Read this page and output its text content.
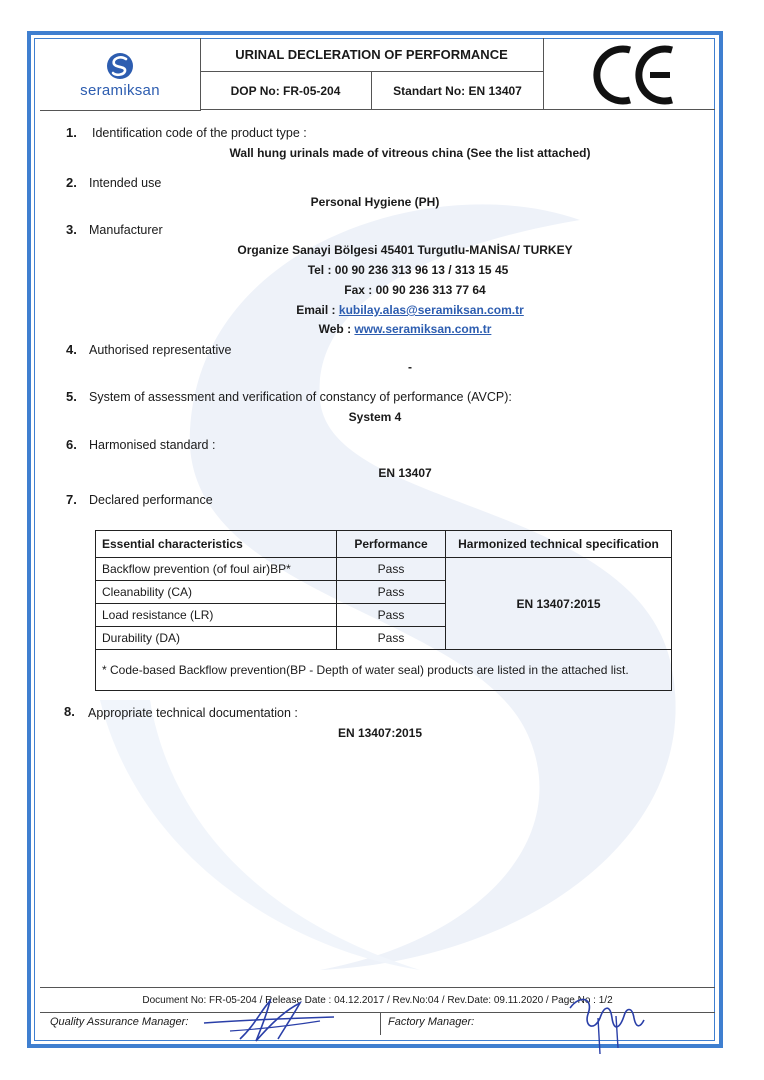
seramiksan
URINAL DECLERATION OF PERFORMANCE
DOP No: FR-05-204	Standart No: EN 13407
1. Identification code of the product type :
Wall hung urinals made of vitreous china (See the list attached)
2. Intended use
Personal Hygiene (PH)
3. Manufacturer
Organize Sanayi Bölgesi 45401 Turgutlu-MANİSA/ TURKEY
Tel : 00 90 236 313 96 13 / 313 15 45
Fax : 00 90 236 313 77 64
Email : kubilay.alas@seramiksan.com.tr
Web : www.seramiksan.com.tr
4. Authorised representative
-
5. System of assessment and verification of constancy of performance (AVCP):
System 4
6. Harmonised standard :
EN 13407
7. Declared performance
Essential characteristics	Performance	Harmonized technical specification
Backflow prevention (of foul air)BP*	Pass	EN 13407:2015
Cleanability (CA)	Pass	
Load resistance (LR)	Pass	
Durability (DA)	Pass	
* Code-based Backflow prevention(BP - Depth of water seal) products are listed in the attached list.		
8. Appropriate technical documentation :
EN 13407:2015
Document No: FR-05-204 / Release Date : 04.12.2017 / Rev.No:04 / Rev.Date: 09.11.2020 / Page No : 1/2
Quality Assurance Manager:	Factory Manager:
